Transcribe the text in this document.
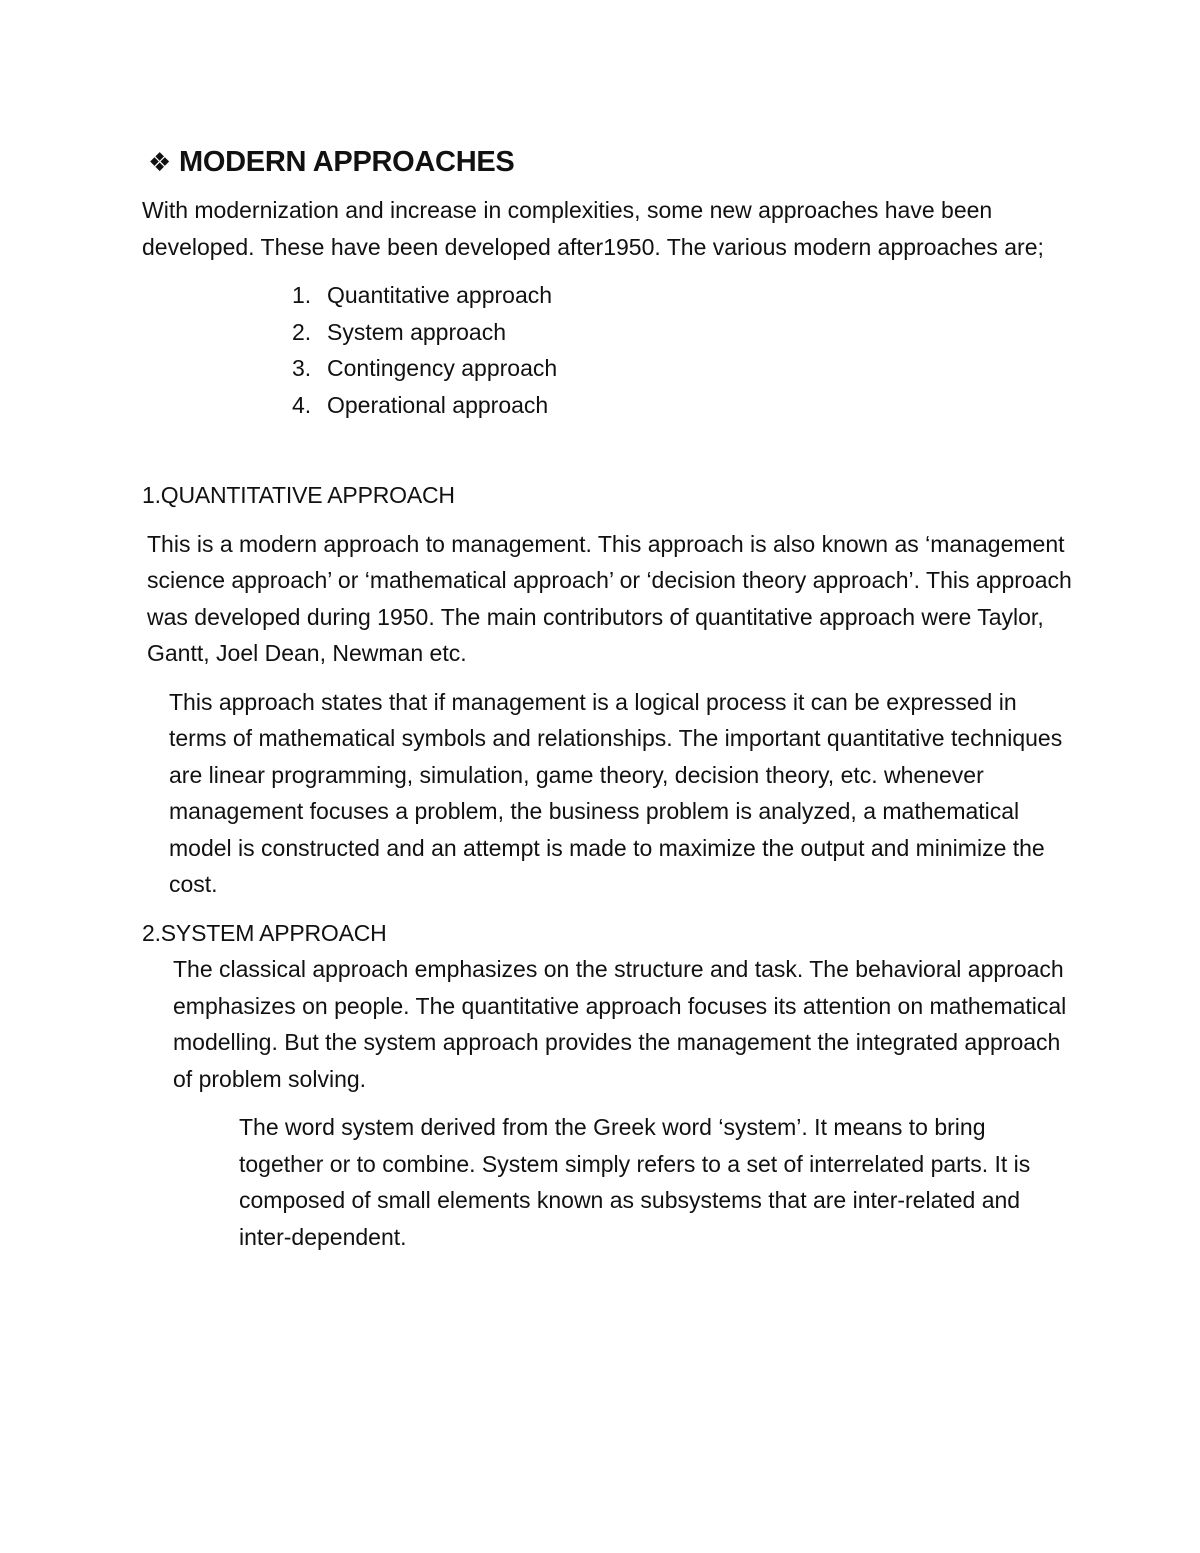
❖ MODERN APPROACHES

With modernization and increase in complexities, some new approaches have been developed. These have been developed after1950. The various modern approaches are;

1. Quantitative approach
2. System approach
3. Contingency approach
4. Operational approach

1.QUANTITATIVE APPROACH

This is a modern approach to management. This approach is also known as ‘management science approach’ or ‘mathematical approach’ or ‘decision theory approach’. This approach was developed during 1950. The main contributors of quantitative approach were Taylor, Gantt, Joel Dean, Newman etc.

This approach states that if management is a logical process it can be expressed in terms of mathematical symbols and relationships. The important quantitative techniques are linear programming, simulation, game theory, decision theory, etc. whenever management focuses a problem, the business problem is analyzed, a mathematical model is constructed and an attempt is made to maximize the output and minimize the cost.

2.SYSTEM APPROACH

The classical approach emphasizes on the structure and task. The behavioral approach emphasizes on people. The quantitative approach focuses its attention on mathematical modelling. But the system approach provides the management the integrated approach of problem solving.

The word system derived from the Greek word ‘system’. It means to bring together or to combine. System simply refers to a set of interrelated parts. It is composed of small elements known as subsystems that are inter-related and inter-dependent.
